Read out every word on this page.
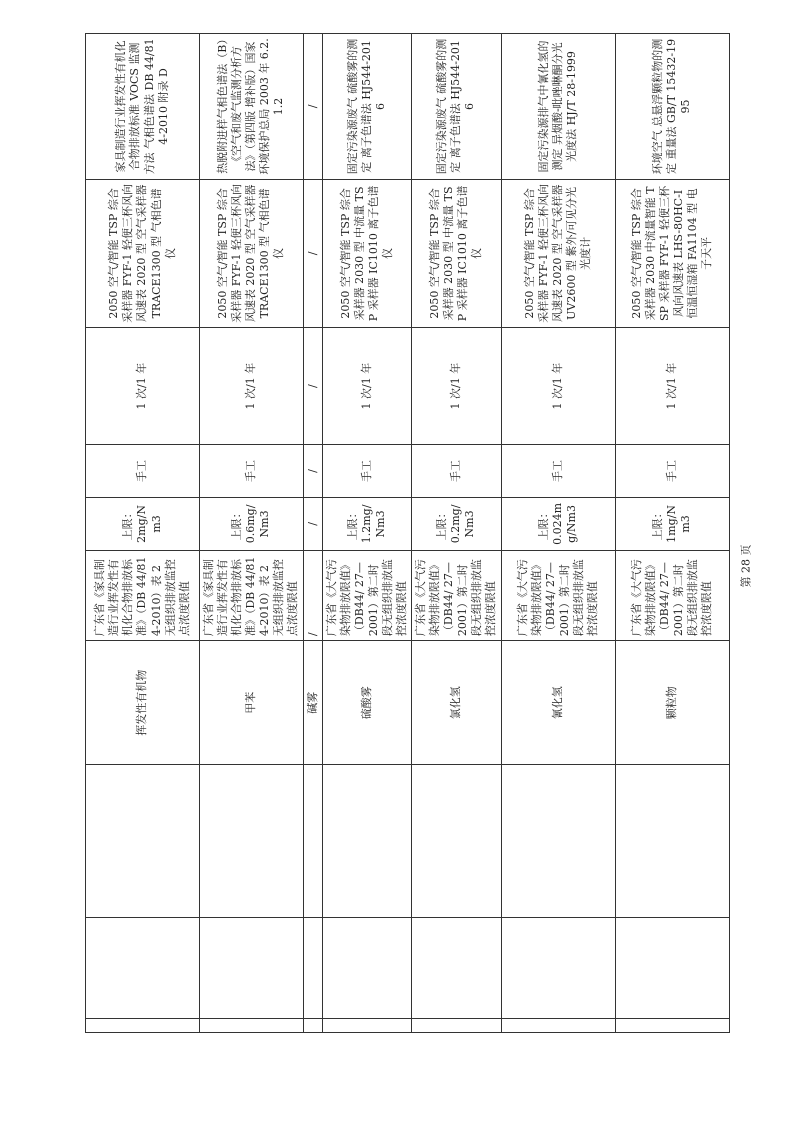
			挥发性有机物	广东省《家具制造行业挥发性有机化合物排放标准》（DB 44/814-2010）表 2 无组织排放监控点浓度限值	上限： 2mg/Nm3	手工	1 次/1 年	2050 空气/智能 TSP 综合采样器 FYF-1 轻便三杯风向风速表 2020 型 空气采样器 TRACE1300 型 气相色谱仪	家具制造行业挥发性有机化合物排放标准 VOCS 监测方法 气相色谱法 DB 44/814-2010 附录 D
			甲苯	广东省《家具制造行业挥发性有机化合物排放标准》（DB 44/814-2010）表 2 无组织排放监控点浓度限值	上限： 0.6mg/Nm3	手工	1 次/1 年	2050 空气/智能 TSP 综合采样器 FYF-1 轻便三杯风向风速表 2020 型 空气采样器 TRACE1300 型 气相色谱仪	热脱附进样气相色谱法（B）《空气和废气监测分析方法》（第四版 增补版）国家环境保护总局 2003 年 6.2.1.2
			碱雾	/	/	/	/	/	/
			硫酸雾	广东省《大气污染物排放限值》（DB44/ 27—2001）第二时段无组织排放监控浓度限值	上限： 1.2mg/Nm3	手工	1 次/1 年	2050 空气/智能 TSP 综合采样器 2030 型 中流量 TSP 采样器 IC1010 离子色谱仪	固定污染源废气 硫酸雾的测定 离子色谱法 HJ544-2016
			氯化氢	广东省《大气污染物排放限值》（DB44/ 27—2001）第二时段无组织排放监控浓度限值	上限： 0.2mg/Nm3	手工	1 次/1 年	2050 空气/智能 TSP 综合采样器 2030 型 中流量 TSP 采样器 IC1010 离子色谱仪	固定污染源废气 硫酸雾的测定 离子色谱法 HJ544-2016
			氰化氢	广东省《大气污染物排放限值》（DB44/ 27—2001）第二时段无组织排放监控浓度限值	上限： 0.024mg/Nm3	手工	1 次/1 年	2050 空气/智能 TSP 综合采样器 FYF-1 轻便三杯风向风速表 2020 型 空气采样器 UV2600 型 紫外/可见分光光度计	固定污染源排气中氰化氢的测定 异烟酸-吡唑啉酮分光光度法 HJ/T 28-1999
			颗粒物	广东省《大气污染物排放限值》（DB44/ 27—2001）第二时段无组织排放监控浓度限值	上限： 1mg/Nm3	手工	1 次/1 年	2050 空气/智能 TSP 综合采样器 2030 中流量智能 TSP 采样器 FYF-1 轻便三杯风向风速表 LHS-80HC-I 恒温恒湿箱 FA1104 型 电子天平	环境空气 总悬浮颗粒物的测定 重量法 GB/T 15432-1995
第 28 页
